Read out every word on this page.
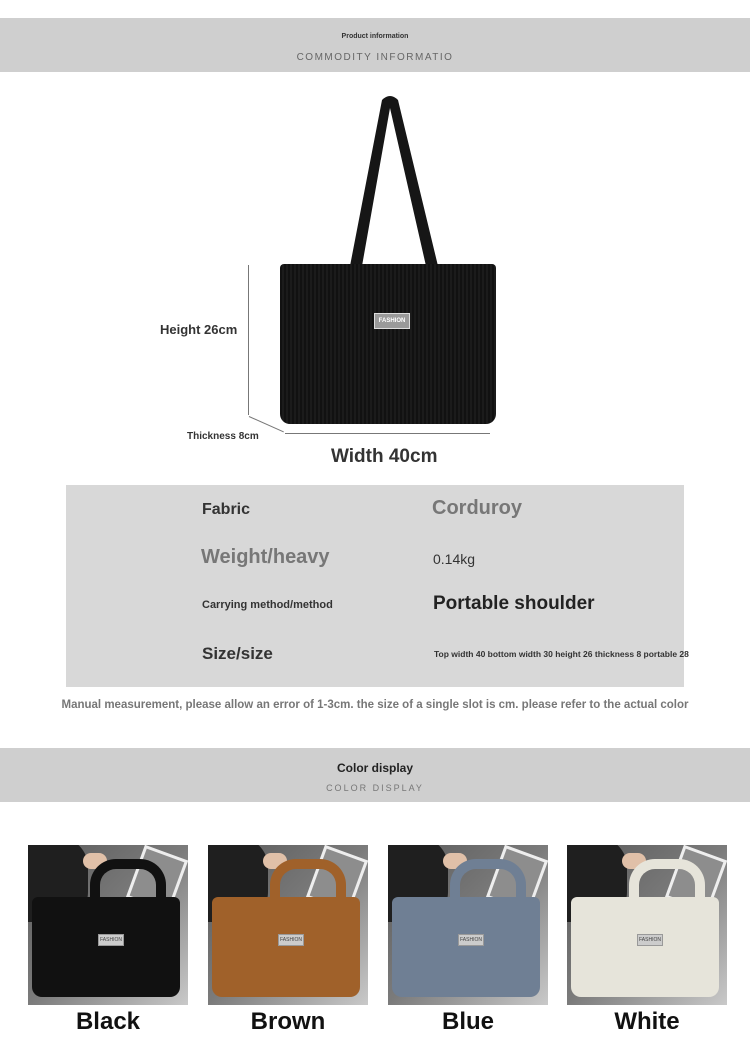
Product information
COMMODITY INFORMATIO
FASHION
Height 26cm
Thickness 8cm
Width 40cm
Fabric	Corduroy
Weight/heavy	0.14kg
Carrying method/method	Portable shoulder
Size/size	Top width 40 bottom width 30 height 26 thickness 8 portable 28
Manual measurement, please allow an error of 1-3cm. the size of a single slot is cm. please refer to the actual color
Color display
COLOR DISPLAY
FASHION	FASHION	FASHION	FASHION
Black	Brown	Blue	White
